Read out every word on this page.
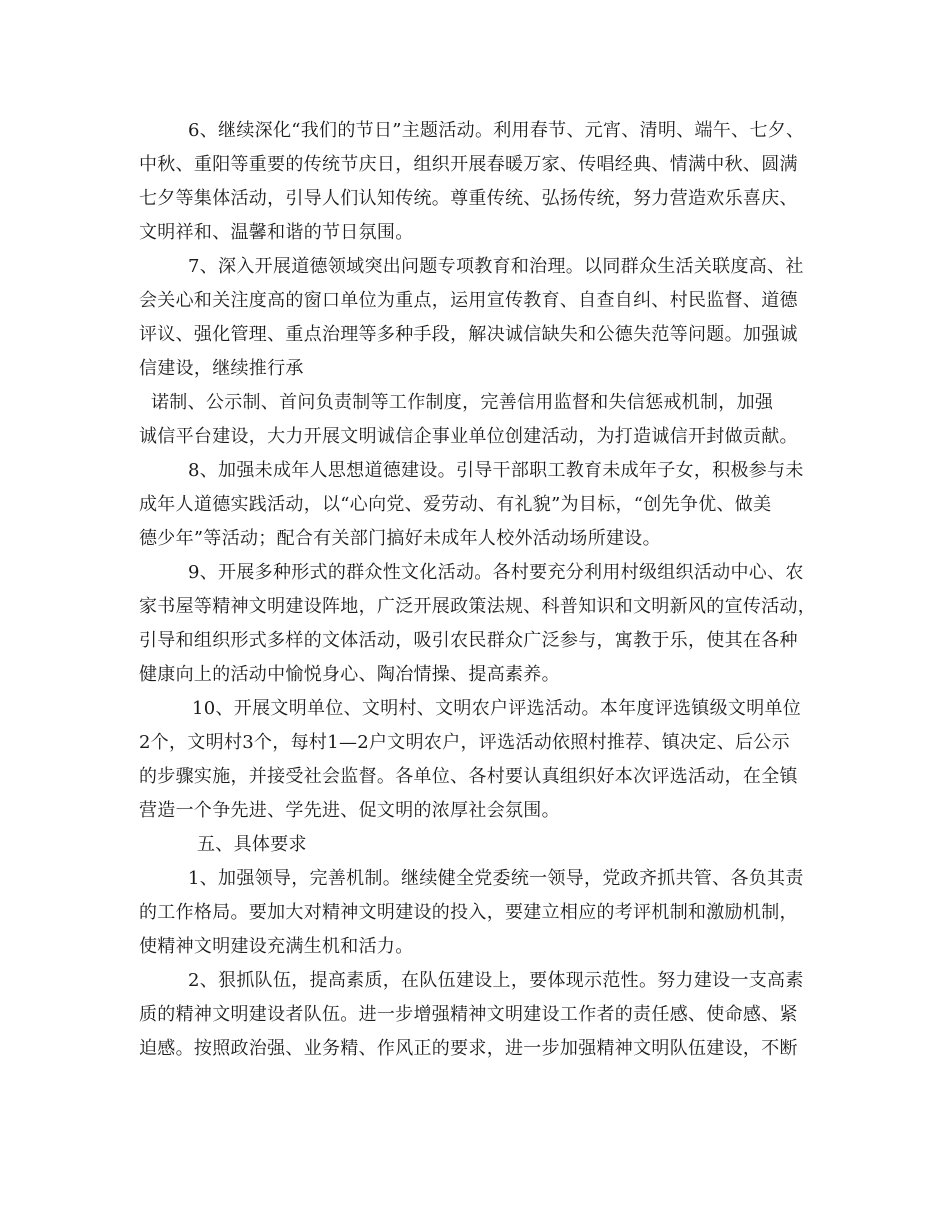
6、继续深化“我们的节日”主题活动。利用春节、元宵、清明、端午、七夕、
中秋、重阳等重要的传统节庆日，组织开展春暖万家、传唱经典、情满中秋、圆满
七夕等集体活动，引导人们认知传统。尊重传统、弘扬传统，努力营造欢乐喜庆、
文明祥和、温馨和谐的节日氛围。
7、深入开展道德领域突出问题专项教育和治理。以同群众生活关联度高、社
会关心和关注度高的窗口单位为重点，运用宣传教育、自查自纠、村民监督、道德
评议、强化管理、重点治理等多种手段，解决诚信缺失和公德失范等问题。加强诚
信建设，继续推行承
诺制、公示制、首问负责制等工作制度，完善信用监督和失信惩戒机制，加强
诚信平台建设，大力开展文明诚信企事业单位创建活动，为打造诚信开封做贡献。
8、加强未成年人思想道德建设。引导干部职工教育未成年子女，积极参与未
成年人道德实践活动，以“心向党、爱劳动、有礼貌”为目标，“创先争优、做美
德少年”等活动；配合有关部门搞好未成年人校外活动场所建设。
9、开展多种形式的群众性文化活动。各村要充分利用村级组织活动中心、农
家书屋等精神文明建设阵地，广泛开展政策法规、科普知识和文明新风的宣传活动，
引导和组织形式多样的文体活动，吸引农民群众广泛参与，寓教于乐，使其在各种
健康向上的活动中愉悦身心、陶冶情操、提高素养。
10、开展文明单位、文明村、文明农户评选活动。本年度评选镇级文明单位
2个，文明村3个，每村1—2户文明农户，评选活动依照村推荐、镇决定、后公示
的步骤实施，并接受社会监督。各单位、各村要认真组织好本次评选活动，在全镇
营造一个争先进、学先进、促文明的浓厚社会氛围。
五、具体要求
1、加强领导，完善机制。继续健全党委统一领导，党政齐抓共管、各负其责
的工作格局。要加大对精神文明建设的投入，要建立相应的考评机制和激励机制，
使精神文明建设充满生机和活力。
2、狠抓队伍，提高素质，在队伍建设上，要体现示范性。努力建设一支高素
质的精神文明建设者队伍。进一步增强精神文明建设工作者的责任感、使命感、紧
迫感。按照政治强、业务精、作风正的要求，进一步加强精神文明队伍建设，不断
